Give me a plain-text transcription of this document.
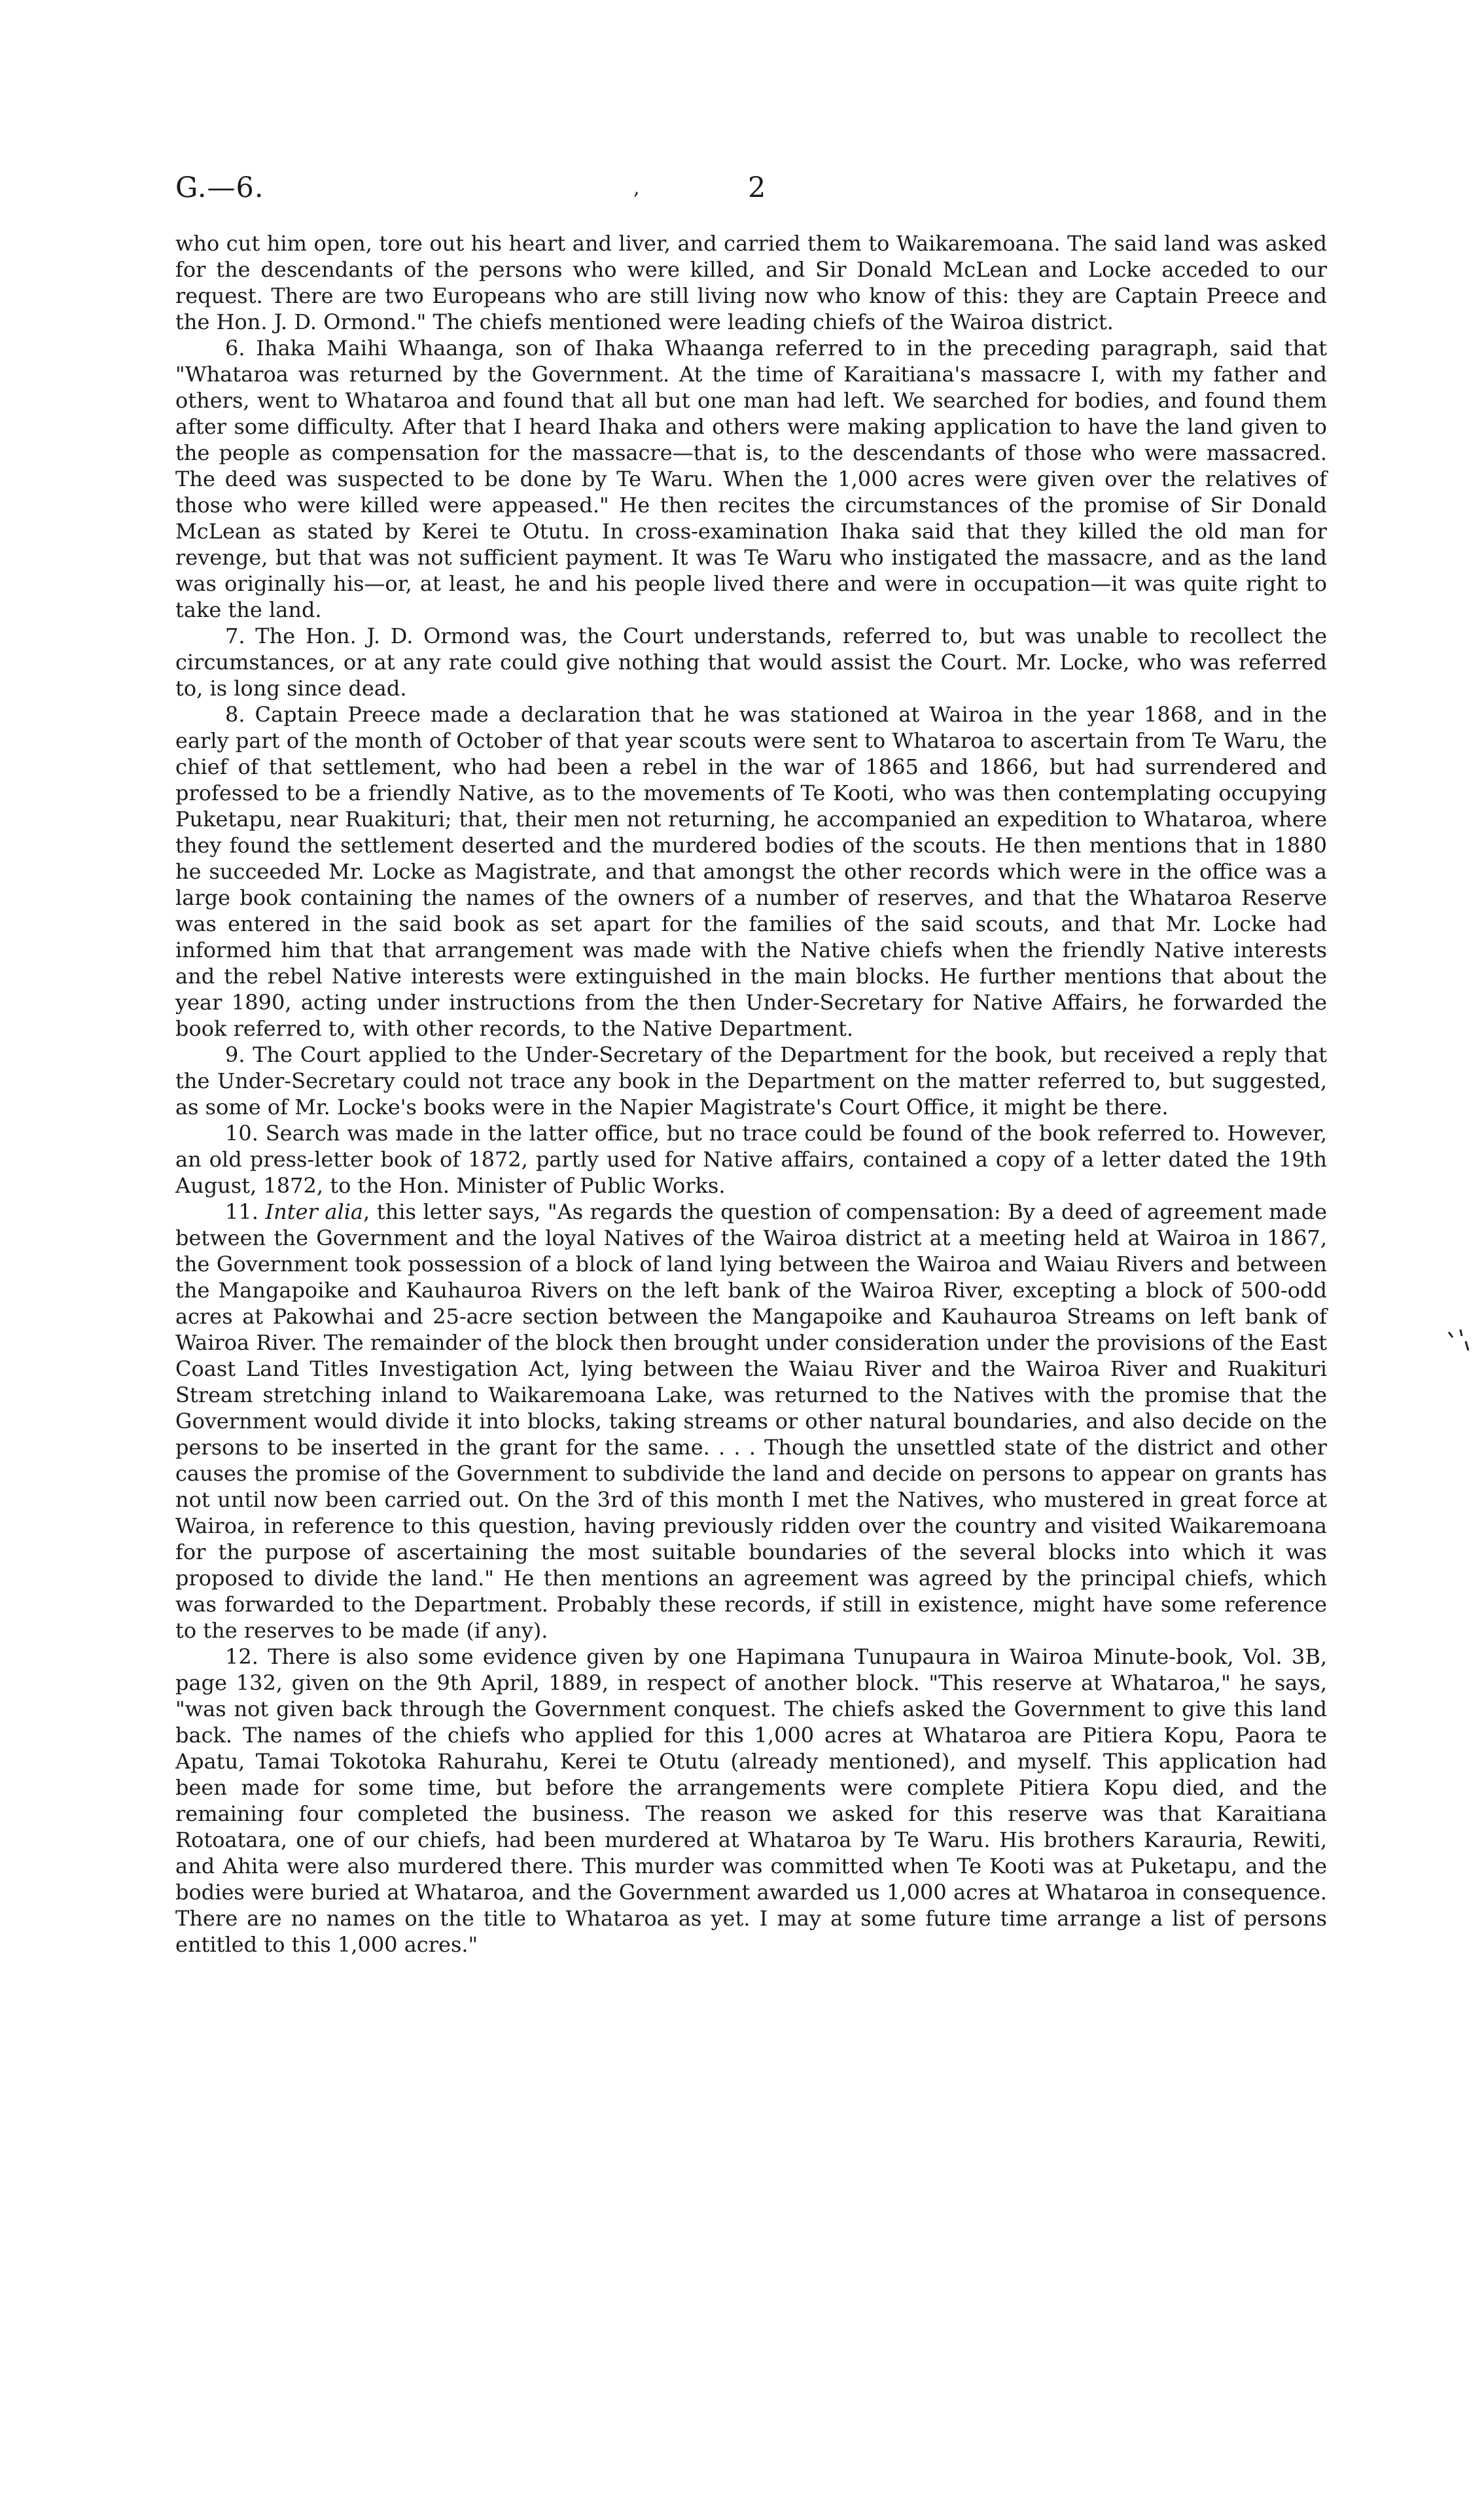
G.—6.	,	2

who cut him open, tore out his heart and liver, and carried them to Waikaremoana. The said land was asked for the descendants of the persons who were killed, and Sir Donald McLean and Locke acceded to our request. There are two Europeans who are still living now who know of this: they are Captain Preece and the Hon. J. D. Ormond." The chiefs mentioned were leading chiefs of the Wairoa district.

6. Ihaka Maihi Whaanga, son of Ihaka Whaanga referred to in the preceding paragraph, said that "Whataroa was returned by the Government. At the time of Karaitiana's massacre I, with my father and others, went to Whataroa and found that all but one man had left. We searched for bodies, and found them after some difficulty. After that I heard Ihaka and others were making application to have the land given to the people as compensation for the massacre—that is, to the descendants of those who were massacred. The deed was suspected to be done by Te Waru. When the 1,000 acres were given over the relatives of those who were killed were appeased." He then recites the circumstances of the promise of Sir Donald McLean as stated by Kerei te Otutu. In cross-examination Ihaka said that they killed the old man for revenge, but that was not sufficient payment. It was Te Waru who instigated the massacre, and as the land was originally his—or, at least, he and his people lived there and were in occupation—it was quite right to take the land.

7. The Hon. J. D. Ormond was, the Court understands, referred to, but was unable to recollect the circumstances, or at any rate could give nothing that would assist the Court. Mr. Locke, who was referred to, is long since dead.

8. Captain Preece made a declaration that he was stationed at Wairoa in the year 1868, and in the early part of the month of October of that year scouts were sent to Whataroa to ascertain from Te Waru, the chief of that settlement, who had been a rebel in the war of 1865 and 1866, but had surrendered and professed to be a friendly Native, as to the movements of Te Kooti, who was then contemplating occupying Puketapu, near Ruakituri; that, their men not returning, he accompanied an expedition to Whataroa, where they found the settlement deserted and the murdered bodies of the scouts. He then mentions that in 1880 he succeeded Mr. Locke as Magistrate, and that amongst the other records which were in the office was a large book containing the names of the owners of a number of reserves, and that the Whataroa Reserve was entered in the said book as set apart for the families of the said scouts, and that Mr. Locke had informed him that that arrangement was made with the Native chiefs when the friendly Native interests and the rebel Native interests were extinguished in the main blocks. He further mentions that about the year 1890, acting under instructions from the then Under-Secretary for Native Affairs, he forwarded the book referred to, with other records, to the Native Department.

9. The Court applied to the Under-Secretary of the Department for the book, but received a reply that the Under-Secretary could not trace any book in the Department on the matter referred to, but suggested, as some of Mr. Locke's books were in the Napier Magistrate's Court Office, it might be there.

10. Search was made in the latter office, but no trace could be found of the book referred to. However, an old press-letter book of 1872, partly used for Native affairs, contained a copy of a letter dated the 19th August, 1872, to the Hon. Minister of Public Works.

11. Inter alia, this letter says, "As regards the question of compensation: By a deed of agreement made between the Government and the loyal Natives of the Wairoa district at a meeting held at Wairoa in 1867, the Government took possession of a block of land lying between the Wairoa and Waiau Rivers and between the Mangapoike and Kauhauroa Rivers on the left bank of the Wairoa River, excepting a block of 500-odd acres at Pakowhai and 25-acre section between the Mangapoike and Kauhauroa Streams on left bank of Wairoa River. The remainder of the block then brought under consideration under the provisions of the East Coast Land Titles Investigation Act, lying between the Waiau River and the Wairoa River and Ruakituri Stream stretching inland to Waikaremoana Lake, was returned to the Natives with the promise that the Government would divide it into blocks, taking streams or other natural boundaries, and also decide on the persons to be inserted in the grant for the same. . . . Though the unsettled state of the district and other causes the promise of the Government to subdivide the land and decide on persons to appear on grants has not until now been carried out. On the 3rd of this month I met the Natives, who mustered in great force at Wairoa, in reference to this question, having previously ridden over the country and visited Waikaremoana for the purpose of ascertaining the most suitable boundaries of the several blocks into which it was proposed to divide the land." He then mentions an agreement was agreed by the principal chiefs, which was forwarded to the Department. Probably these records, if still in existence, might have some reference to the reserves to be made (if any).

12. There is also some evidence given by one Hapimana Tunupaura in Wairoa Minute-book, Vol. 3B, page 132, given on the 9th April, 1889, in respect of another block. "This reserve at Whataroa," he says, "was not given back through the Government conquest. The chiefs asked the Government to give this land back. The names of the chiefs who applied for this 1,000 acres at Whataroa are Pitiera Kopu, Paora te Apatu, Tamai Tokotoka Rahurahu, Kerei te Otutu (already mentioned), and myself. This application had been made for some time, but before the arrangements were complete Pitiera Kopu died, and the remaining four completed the business. The reason we asked for this reserve was that Karaitiana Rotoatara, one of our chiefs, had been murdered at Whataroa by Te Waru. His brothers Karauria, Rewiti, and Ahita were also murdered there. This murder was committed when Te Kooti was at Puketapu, and the bodies were buried at Whataroa, and the Government awarded us 1,000 acres at Whataroa in consequence. There are no names on the title to Whataroa as yet. I may at some future time arrange a list of persons entitled to this 1,000 acres."
